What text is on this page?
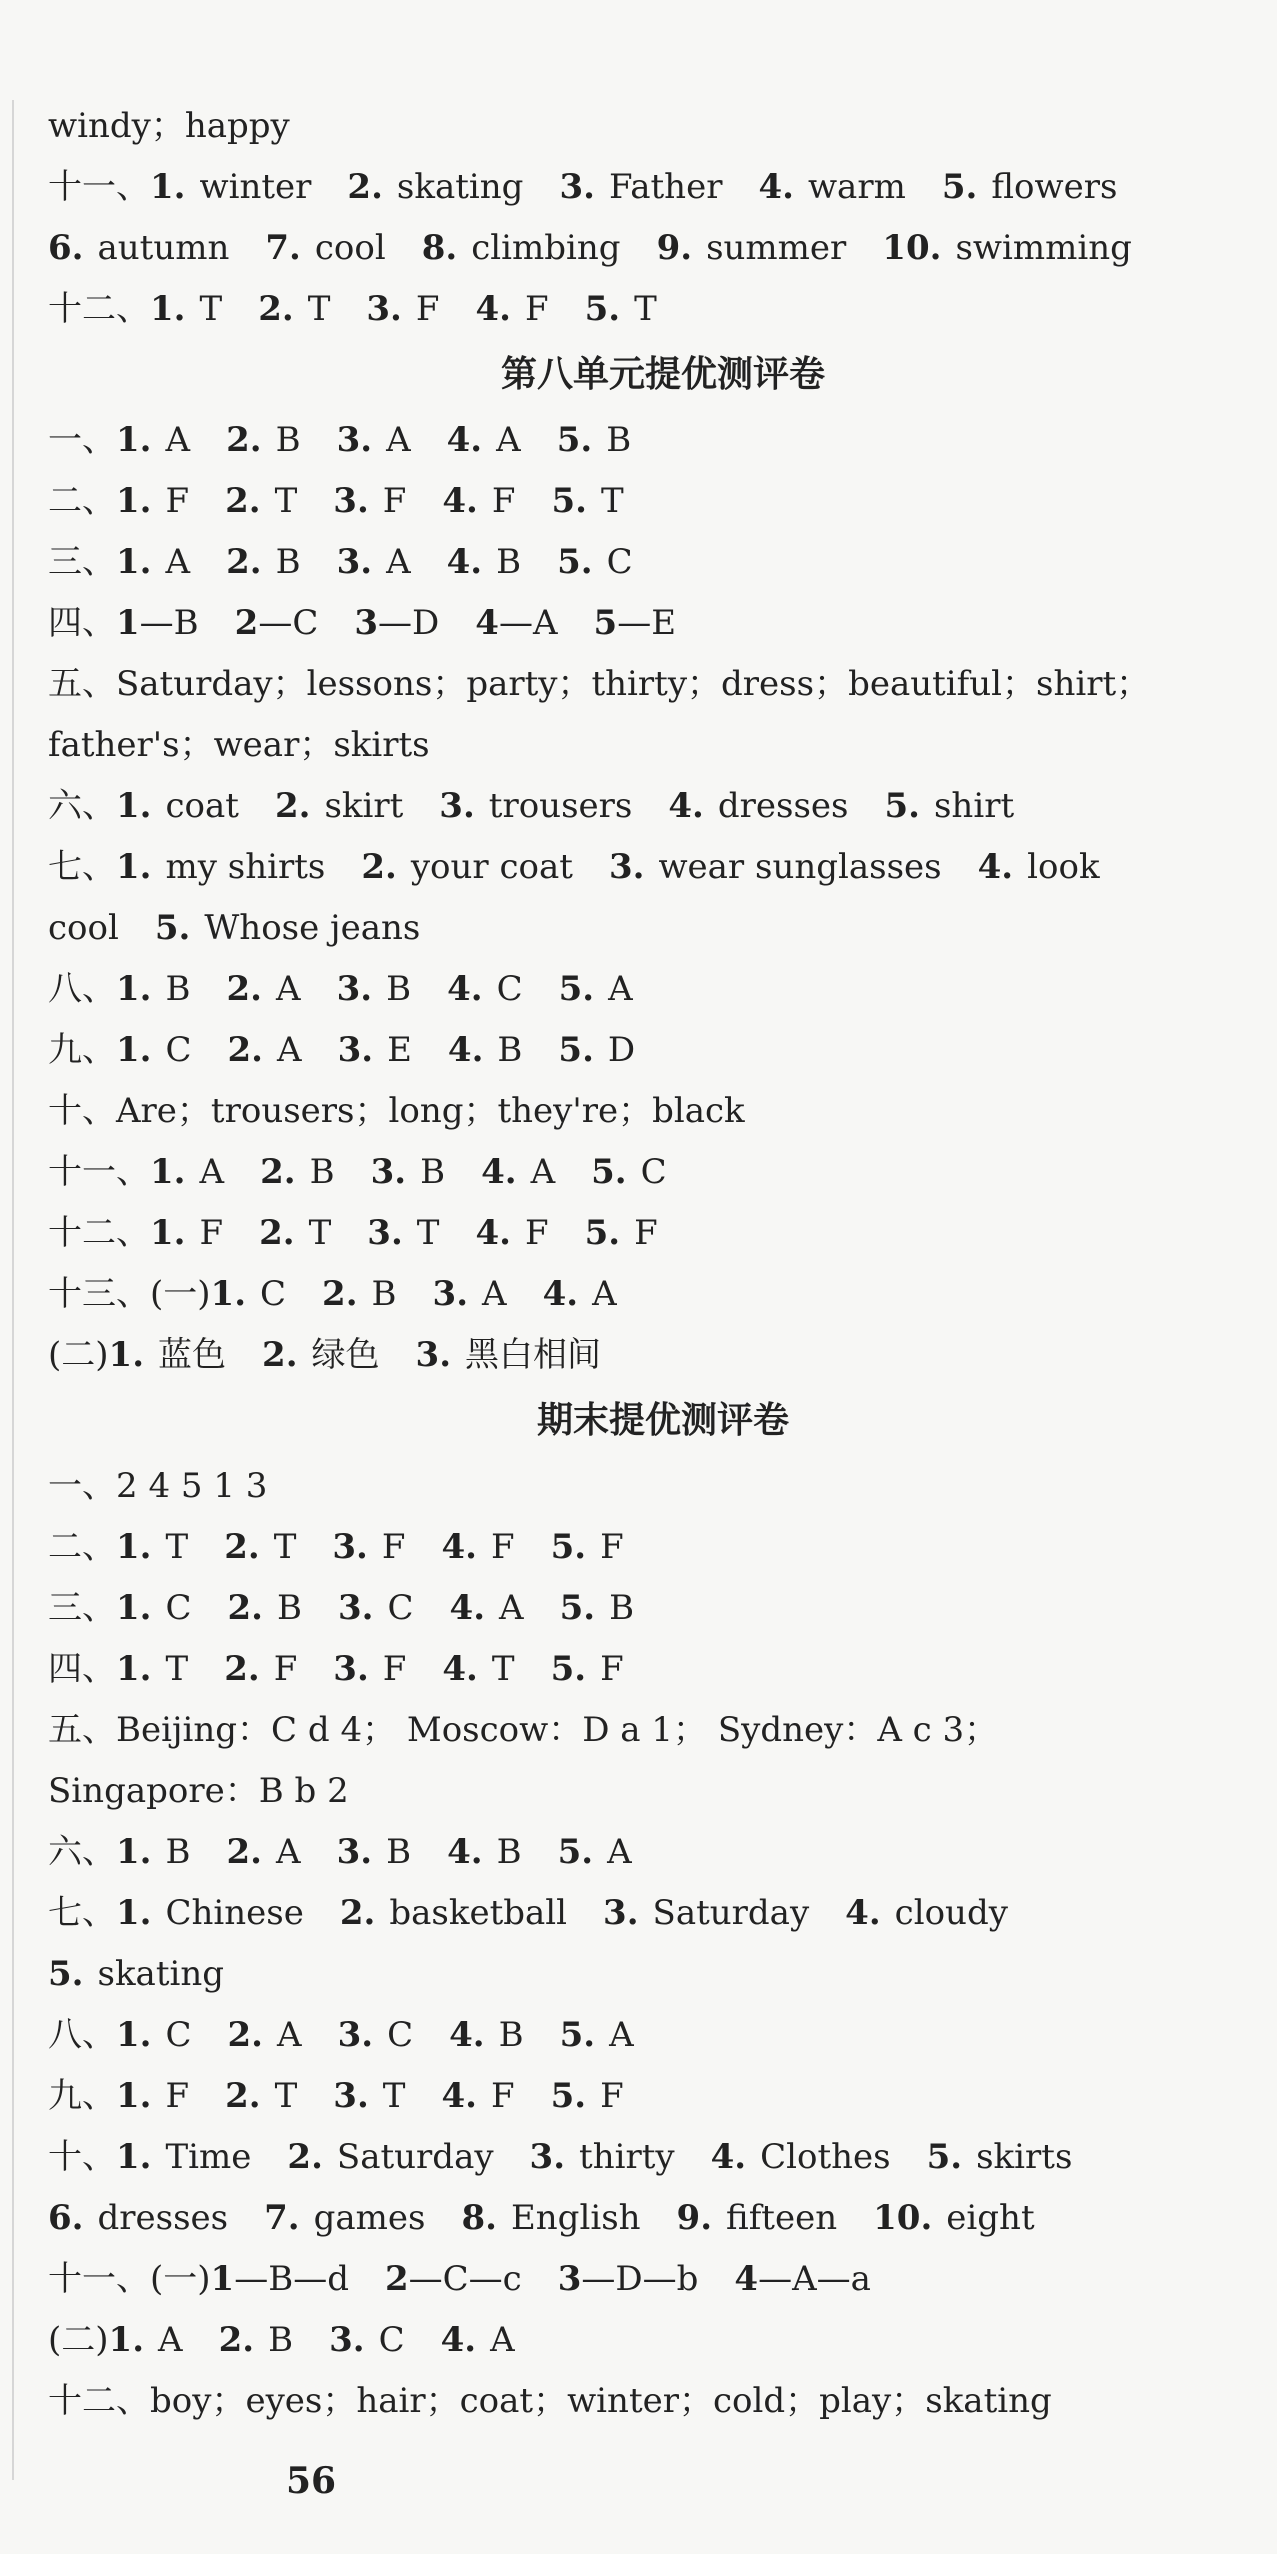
windy；happy
十一、1. winter 2. skating 3. Father 4. warm 5. flowers
6. autumn 7. cool 8. climbing 9. summer 10. swimming
十二、1. T 2. T 3. F 4. F 5. T
第八单元提优测评卷
一、1. A 2. B 3. A 4. A 5. B
二、1. F 2. T 3. F 4. F 5. T
三、1. A 2. B 3. A 4. B 5. C
四、1—B 2—C 3—D 4—A 5—E
五、Saturday；lessons；party；thirty；dress；beautiful；shirt；
father's；wear；skirts
六、1. coat 2. skirt 3. trousers 4. dresses 5. shirt
七、1. my shirts 2. your coat 3. wear sunglasses 4. look
cool 5. Whose jeans
八、1. B 2. A 3. B 4. C 5. A
九、1. C 2. A 3. E 4. B 5. D
十、Are；trousers；long；they're；black
十一、1. A 2. B 3. B 4. A 5. C
十二、1. F 2. T 3. T 4. F 5. F
十三、(一)1. C 2. B 3. A 4. A
(二)1. 蓝色 2. 绿色 3. 黑白相间
期末提优测评卷
一、2 4 5 1 3
二、1. T 2. T 3. F 4. F 5. F
三、1. C 2. B 3. C 4. A 5. B
四、1. T 2. F 3. F 4. T 5. F
五、Beijing：C d 4； Moscow：D a 1； Sydney：A c 3；
Singapore：B b 2
六、1. B 2. A 3. B 4. B 5. A
七、1. Chinese 2. basketball 3. Saturday 4. cloudy
5. skating
八、1. C 2. A 3. C 4. B 5. A
九、1. F 2. T 3. T 4. F 5. F
十、1. Time 2. Saturday 3. thirty 4. Clothes 5. skirts
6. dresses 7. games 8. English 9. fifteen 10. eight
十一、(一)1—B—d 2—C—c 3—D—b 4—A—a
(二)1. A 2. B 3. C 4. A
十二、boy；eyes；hair；coat；winter；cold；play；skating
56
